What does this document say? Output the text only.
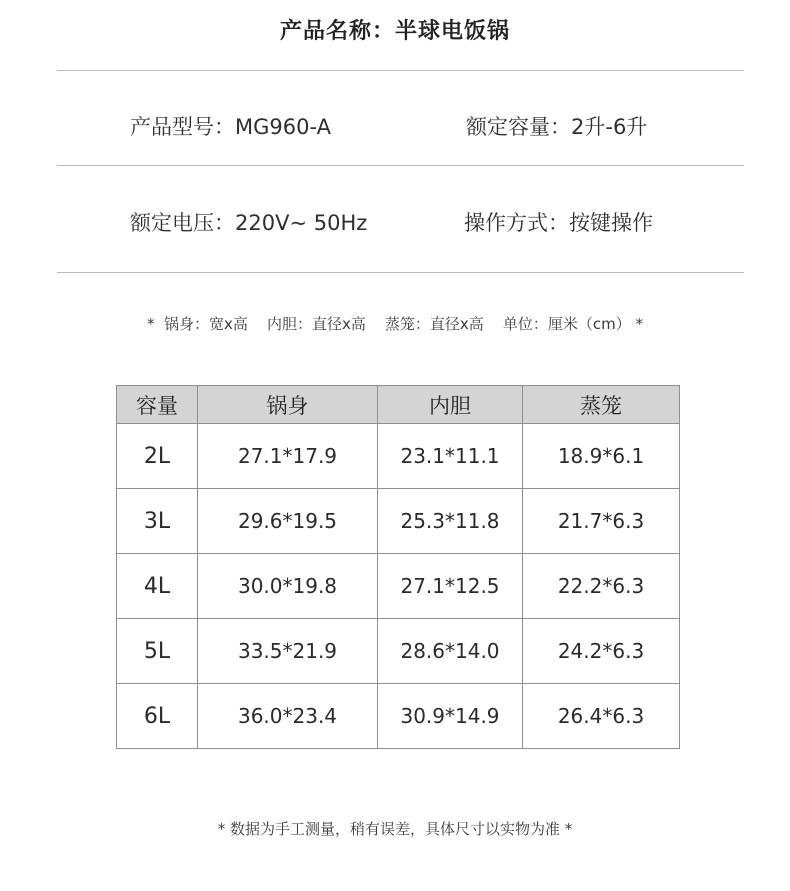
产品名称：半球电饭锅
产品型号：MG960-A	额定容量：2升-6升
额定电压：220V~ 50Hz	操作方式：按键操作
*  锅身：宽x高    内胆：直径x高    蒸笼：直径x高    单位：厘米（cm） *
容量	锅身	内胆	蒸笼
2L	27.1*17.9	23.1*11.1	18.9*6.1
3L	29.6*19.5	25.3*11.8	21.7*6.3
4L	30.0*19.8	27.1*12.5	22.2*6.3
5L	33.5*21.9	28.6*14.0	24.2*6.3
6L	36.0*23.4	30.9*14.9	26.4*6.3
* 数据为手工测量，稍有误差，具体尺寸以实物为准 *
